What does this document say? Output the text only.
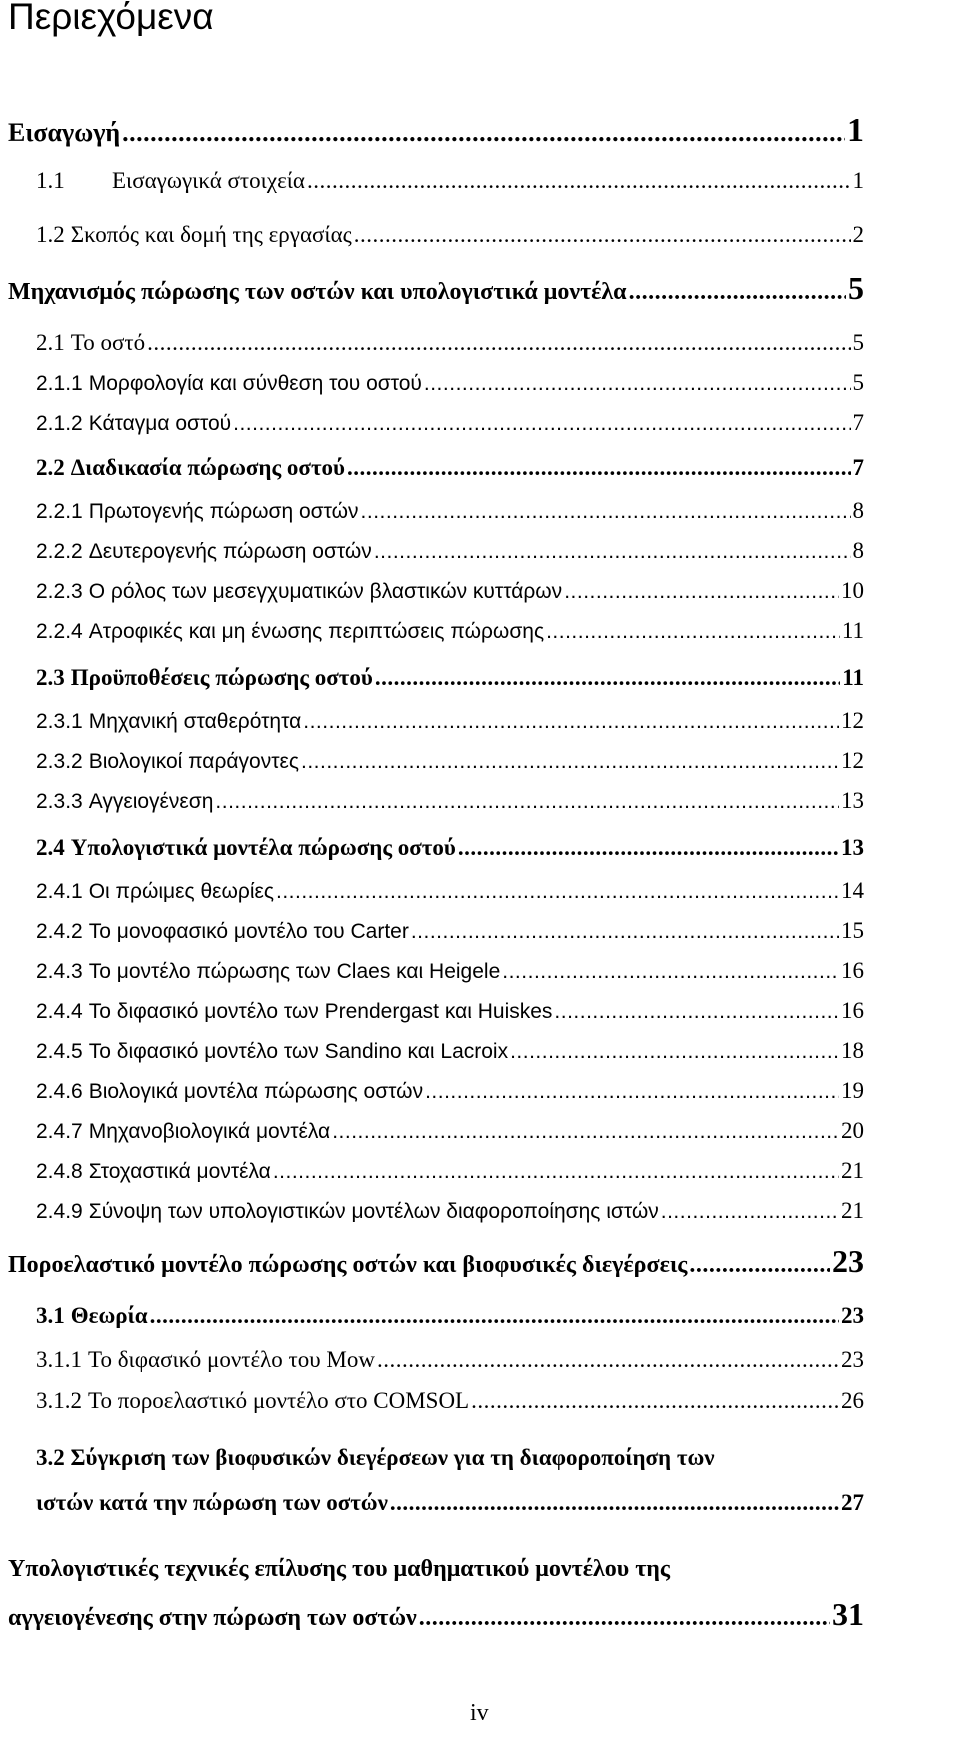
Περιεχόμενα
Εισαγωγή .....	1
1.1	Εισαγωγικά στοιχεία .....	1
1.2 Σκοπός και δομή της εργασίας .....	2
Μηχανισμός πώρωσης των οστών και υπολογιστικά μοντέλα .....	5
2.1 Το οστό .....	5
2.1.1 Μορφολογία και σύνθεση του οστού .....	5
2.1.2 Κάταγμα οστού .....	7
2.2 Διαδικασία πώρωσης οστού .....	7
2.2.1 Πρωτογενής πώρωση οστών .....	8
2.2.2 Δευτερογενής πώρωση οστών .....	8
2.2.3 Ο ρόλος των μεσεγχυματικών βλαστικών κυττάρων .....	10
2.2.4 Ατροφικές και μη ένωσης περιπτώσεις πώρωσης .....	11
2.3 Προϋποθέσεις πώρωσης οστού .....	11
2.3.1 Μηχανική σταθερότητα .....	12
2.3.2 Βιολογικοί παράγοντες .....	12
2.3.3 Αγγειογένεση .....	13
2.4 Υπολογιστικά μοντέλα πώρωσης οστού .....	13
2.4.1 Οι πρώιμες θεωρίες .....	14
2.4.2 Το μονοφασικό μοντέλο του Carter .....	15
2.4.3 Το μοντέλο πώρωσης των Claes και Heigele .....	16
2.4.4 Το διφασικό μοντέλο των Prendergast και Huiskes .....	16
2.4.5 Το διφασικό μοντέλο των Sandino και Lacroix .....	18
2.4.6 Βιολογικά μοντέλα πώρωσης οστών .....	19
2.4.7 Μηχανοβιολογικά μοντέλα .....	20
2.4.8 Στοχαστικά μοντέλα .....	21
2.4.9 Σύνοψη των υπολογιστικών μοντέλων διαφοροποίησης ιστών .....	21
Ποροελαστικό μοντέλο πώρωσης οστών και βιοφυσικές διεγέρσεις .....	23
3.1 Θεωρία .....	23
3.1.1 Το διφασικό μοντέλο του Mow .....	23
3.1.2 Το ποροελαστικό μοντέλο στο COMSOL .....	26
3.2 Σύγκριση των βιοφυσικών διεγέρσεων για τη διαφοροποίηση των
ιστών κατά την πώρωση των οστών .....	27
Υπολογιστικές τεχνικές επίλυσης του μαθηματικού μοντέλου της
αγγειογένεσης στην πώρωση των οστών .....	31
iv
